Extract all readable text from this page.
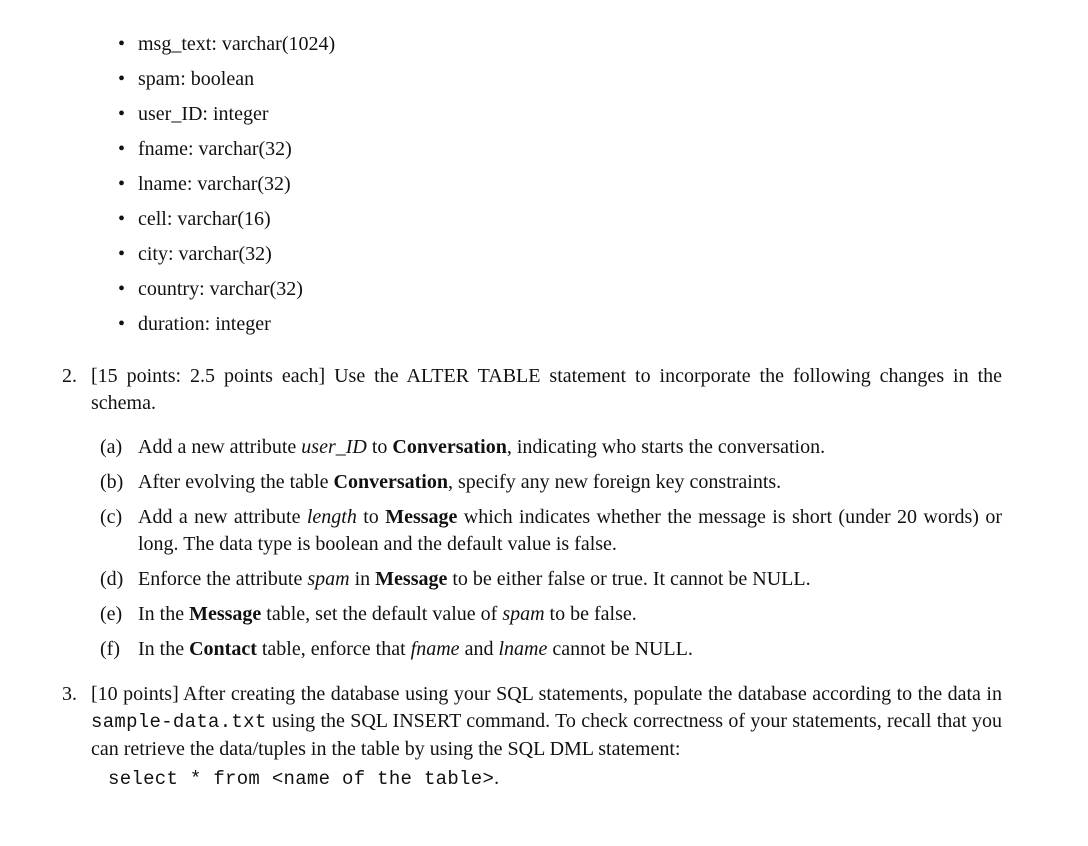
• msg_text: varchar(1024)
• spam: boolean
• user_ID: integer
• fname: varchar(32)
• lname: varchar(32)
• cell: varchar(16)
• city: varchar(32)
• country: varchar(32)
• duration: integer
2. [15 points: 2.5 points each] Use the ALTER TABLE statement to incorporate the following changes in the schema.
(a) Add a new attribute user_ID to Conversation, indicating who starts the conversation.
(b) After evolving the table Conversation, specify any new foreign key constraints.
(c) Add a new attribute length to Message which indicates whether the message is short (under 20 words) or long. The data type is boolean and the default value is false.
(d) Enforce the attribute spam in Message to be either false or true. It cannot be NULL.
(e) In the Message table, set the default value of spam to be false.
(f) In the Contact table, enforce that fname and lname cannot be NULL.
3. [10 points] After creating the database using your SQL statements, populate the database according to the data in sample-data.txt using the SQL INSERT command. To check correctness of your statements, recall that you can retrieve the data/tuples in the table by using the SQL DML statement:
select * from <name of the table>.
